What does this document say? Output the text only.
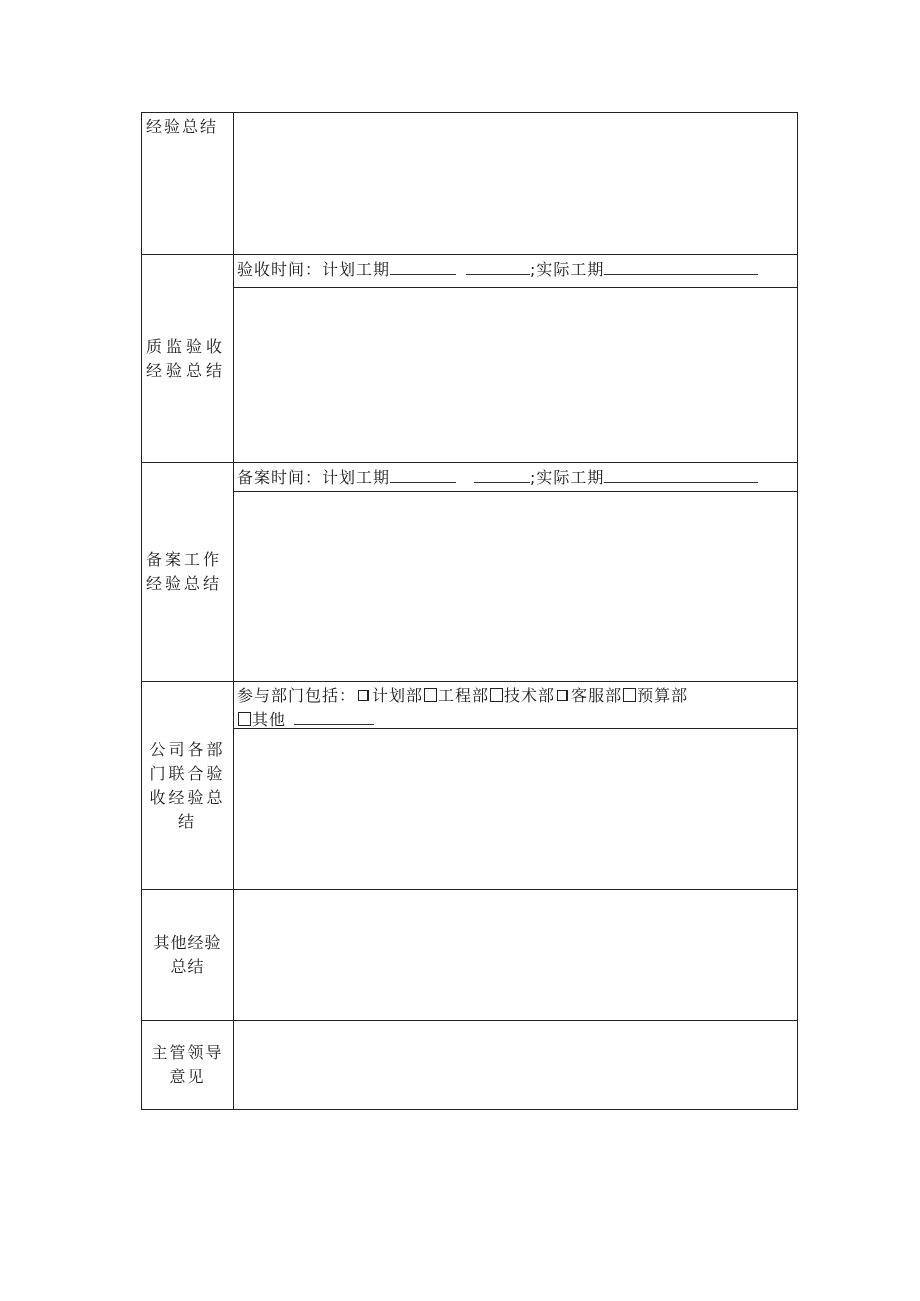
经验总结
质监验收经验总结
验收时间：计划工期	;实际工期
备案工作经验总结
备案时间：计划工期	;实际工期
公司各部门联合验收经验总结
参与部门包括： 计划部 工程部 技术部 客服部 预算部
其他
其他经验总结
主管领导意见
